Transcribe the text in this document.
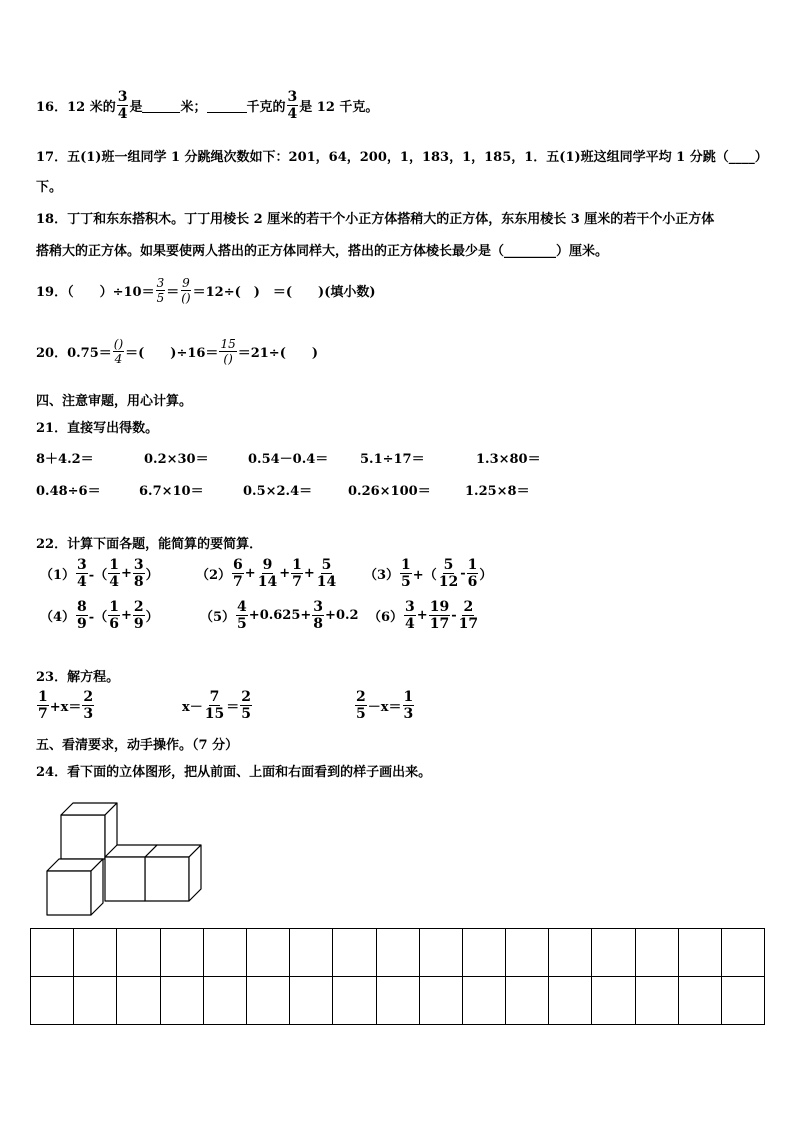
16． 12 米的 $\frac{3}{4}$ 是	米；	千克的 $\frac{3}{4}$ 是 12 千克。
17．五(1)班一组同学 1 分跳绳次数如下：201，64，200，1，183，1，185，1．五(1)班这组同学平均 1 分跳（____）
下。
18．丁丁和东东搭积木。丁丁用棱长 2 厘米的若干个小正方体搭稍大的正方体，东东用棱长 3 厘米的若干个小正方体
搭稍大的正方体。如果要使两人搭出的正方体同样大，搭出的正方体棱长最少是（________）厘米。
19．（　　）$\div 10= \frac{3}{5} = \frac{9}{()} =12\div$(　)　＝(　　)(填小数)
20．$0.75= \frac{()}{4}$ ＝(　　)$\div 16= \frac{15}{()} =21\div$(　　)
四、注意审题，用心计算。
21．直接写出得数。
8＋4.2＝	0.2×30＝	0.54－0.4＝ 5.1÷17＝	1.3×80＝
0.48÷6＝	6.7×10＝	0.5×2.4＝	0.26×100＝	1.25×8＝
22．计算下面各题，能简算的要简算．
$(1) \frac{3}{4}$ -（ $\frac{1}{4} + \frac{3}{8}$ ）	$(2) \frac{6}{7} + \frac{9}{14} + \frac{1}{7} + \frac{5}{14} (3) \frac{1}{5}$ +（ $\frac{5}{12} - \frac{1}{6}$ ）
$(4) \frac{8}{9}$ -（ $\frac{1}{6} + \frac{2}{9}$ ）	$(5) \frac{4}{5} +0.625+ \frac{3}{8} +0.2$ $(6) \frac{3}{4} + \frac{19}{17} - \frac{2}{17}$
23．解方程。
$\frac{1}{7} +x= \frac{2}{3}$	$x- \frac{7}{15} = \frac{2}{5}$	$\frac{2}{5} -x= \frac{1}{3}$
五、看清要求，动手操作。（7 分）
24．看下面的立体图形，把从前面、上面和右面看到的样子画出来。
